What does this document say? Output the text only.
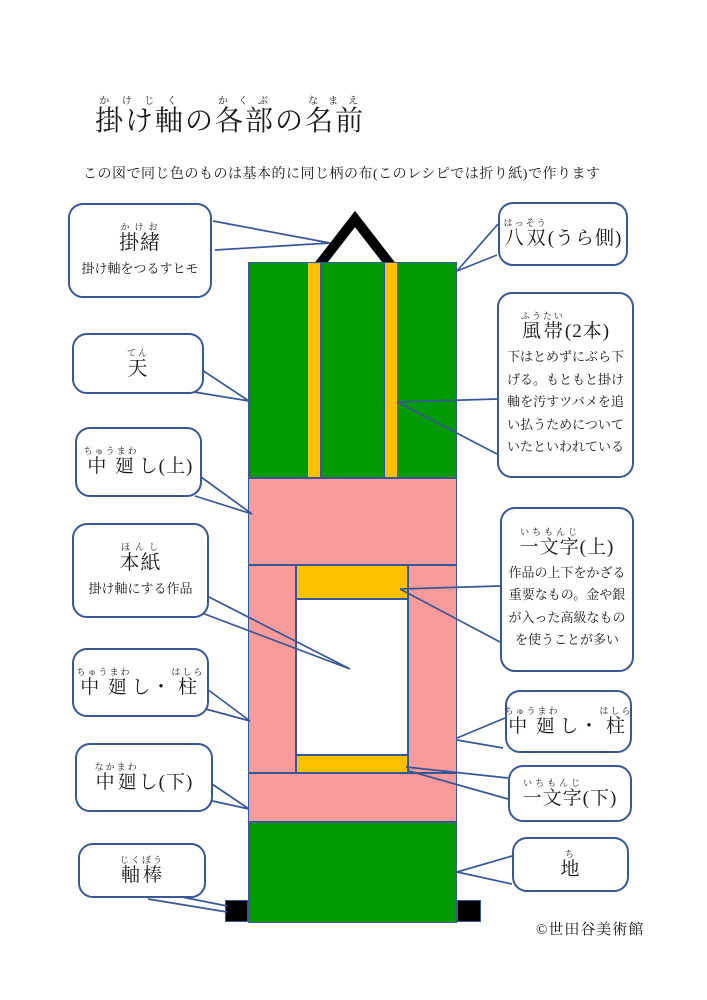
掛け軸かけじくの各部かくぶの名前なまえ
この図で同じ色のものは基本的に同じ柄の布(このレシピでは折り紙)で作ります
掛緒かけお
掛け軸をつるすヒモ
天てん
中廻ちゅうまわし(上)
本紙ほんし
掛け軸にする作品
中廻ちゅうまわし・柱はしら
中廻なかまわし(下)
軸棒じくぼう
八双はっそう(うら側)
風帯ふうたい(2本)
下はとめずにぶら下げる。もともと掛け軸を汚すツバメを追い払うためについていたといわれている
一文字いちもんじ(上)
作品の上下をかざる重要なもの。金や銀が入った高級なものを使うことが多い
中廻ちゅうまわし・柱はしら
一文字いちもんじ(下)
地ち
©世田谷美術館
